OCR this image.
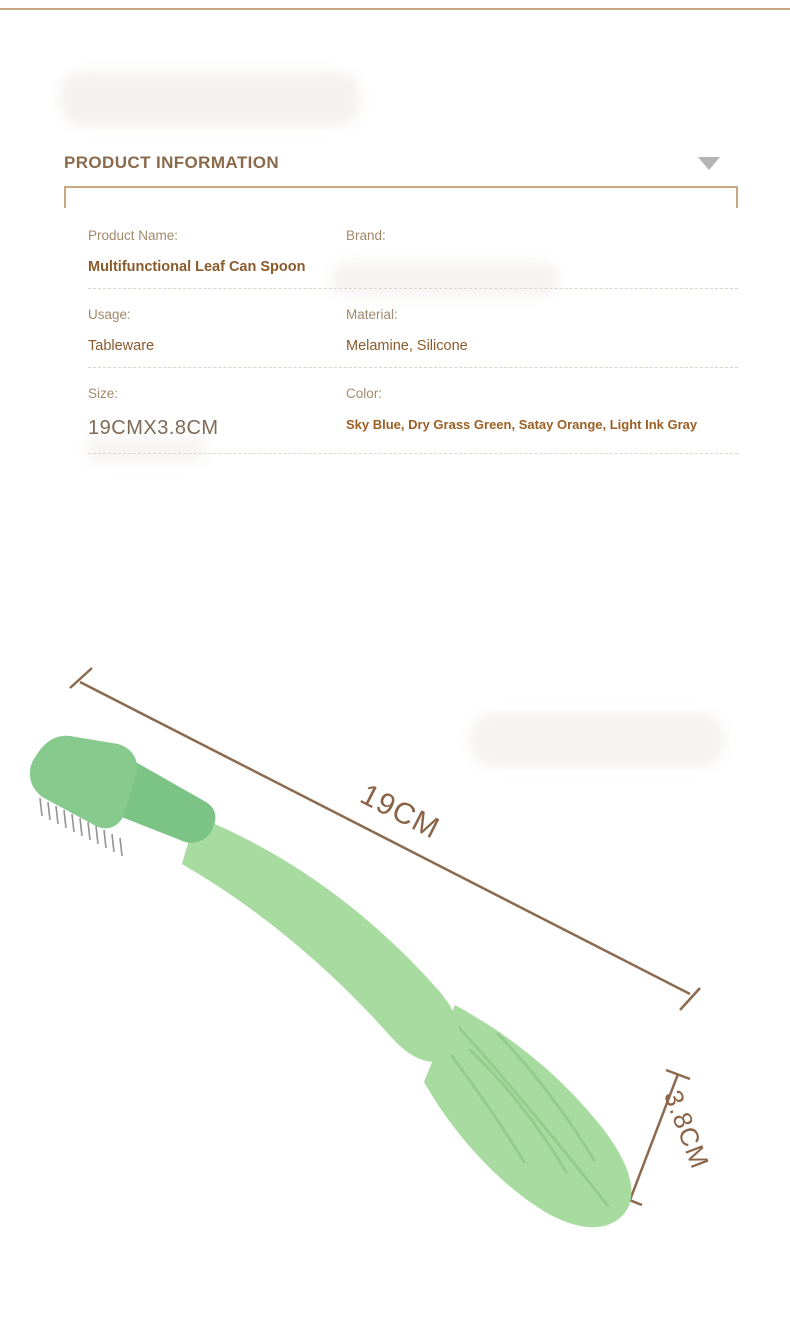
PRODUCT INFORMATION
Product Name:
Multifunctional Leaf Can Spoon
Brand:
Usage:
Tableware
Material:
Melamine, Silicone
Size:
19CMX3.8CM
Color:
Sky Blue, Dry Grass Green, Satay Orange, Light Ink Gray
19CM
3.8CM
